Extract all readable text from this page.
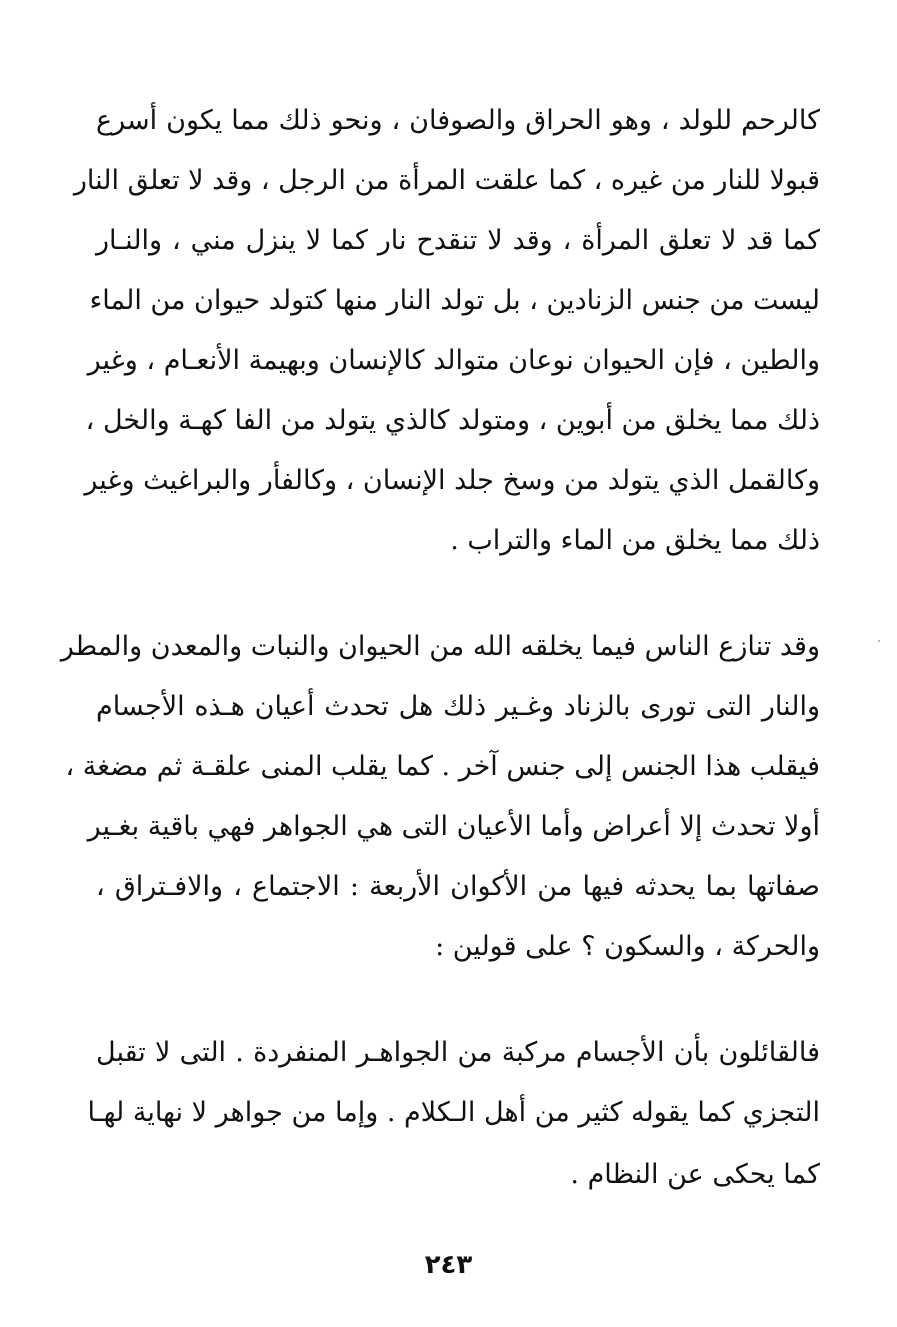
كالرحم للولد ، وهو الحراق والصوفان ، ونحو ذلك مما يكون أسرع
قبولا للنار من غيره ، كما علقت المرأة من الرجل ، وقد لا تعلق النار
كما قد لا تعلق المرأة ، وقد لا تنقدح نار كما لا ينزل مني ، والنـار
ليست من جنس الزنادين ، بل تولد النار منها كتولد حيوان من الماء
والطين ، فإن الحيوان نوعان متوالد كالإنسان وبهيمة الأنعـام ، وغير
ذلك مما يخلق من أبوين ، ومتولد كالذي يتولد من الفا كهـة والخل ،
وكالقمل الذي يتولد من وسخ جلد الإنسان ، وكالفأر والبراغيث وغير
ذلك مما يخلق من الماء والتراب .
وقد تنازع الناس فيما يخلقه الله من الحيوان والنبات والمعدن والمطر
والنار التى تورى بالزناد وغـير ذلك هل تحدث أعيان هـذه الأجسام
فيقلب هذا الجنس إلى جنس آخر . كما يقلب المنى علقـة ثم مضغة ،
أولا تحدث إلا أعراض وأما الأعيان التى هي الجواهر فهي باقية بغـير
صفاتها بما يحدثه فيها من الأكوان الأربعة : الاجتماع ، والافـتراق ،
والحركة ، والسكون ؟ على قولين :
فالقائلون بأن الأجسام مركبة من الجواهـر المنفردة . التى لا تقبل
التجزي كما يقوله كثير من أهل الـكلام . وإما من جواهر لا نهاية لهـا
كما يحكى عن النظام .
٢٤٣
